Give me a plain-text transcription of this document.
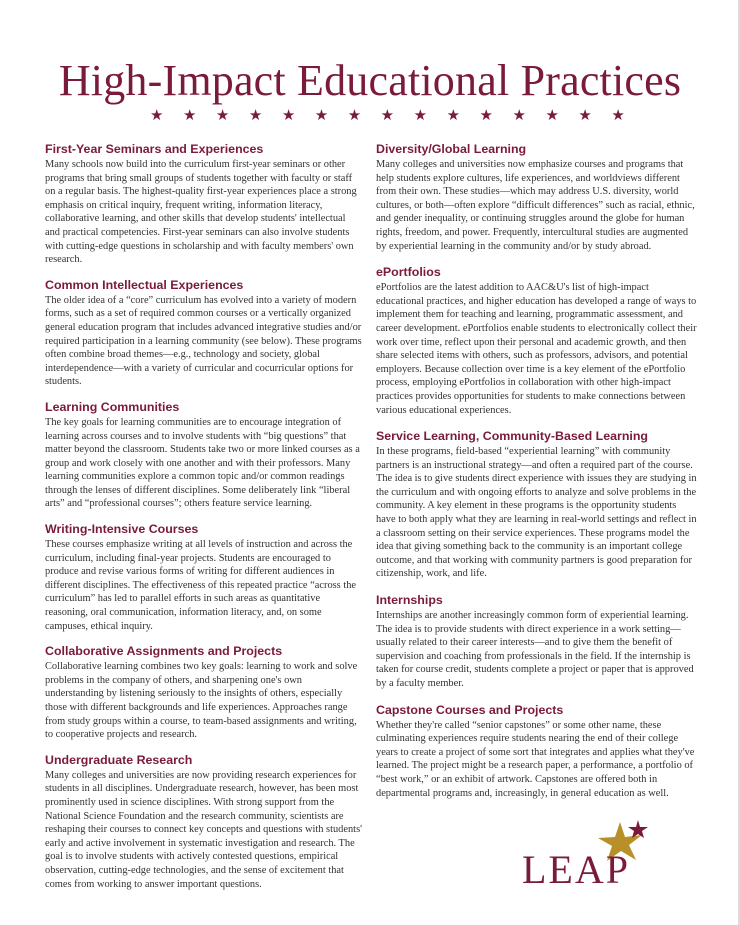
High-Impact Educational Practices
★ ★ ★ ★ ★ ★ ★ ★ ★ ★ ★ ★ ★ ★ ★
First-Year Seminars and Experiences

Many schools now build into the curriculum first-year seminars or other programs that bring small groups of students together with faculty or staff on a regular basis. The highest-quality first-year experiences place a strong emphasis on critical inquiry, frequent writing, information literacy, collaborative learning, and other skills that develop students' intellectual and practical competencies. First-year seminars can also involve students with cutting-edge questions in scholarship and with faculty members' own research.

Common Intellectual Experiences

The older idea of a “core” curriculum has evolved into a variety of modern forms, such as a set of required common courses or a vertically organized general education program that includes advanced integrative studies and/or required participation in a learning community (see below). These programs often combine broad themes—e.g., technology and society, global interdependence—with a variety of curricular and cocurricular options for students.

Learning Communities

The key goals for learning communities are to encourage integration of learning across courses and to involve students with “big questions” that matter beyond the classroom. Students take two or more linked courses as a group and work closely with one another and with their professors. Many learning communities explore a common topic and/or common readings through the lenses of different disciplines. Some deliberately link “liberal arts” and “professional courses”; others feature service learning.

Writing-Intensive Courses

These courses emphasize writing at all levels of instruction and across the curriculum, including final-year projects. Students are encouraged to produce and revise various forms of writing for different audiences in different disciplines. The effectiveness of this repeated practice “across the curriculum” has led to parallel efforts in such areas as quantitative reasoning, oral communication, information literacy, and, on some campuses, ethical inquiry.

Collaborative Assignments and Projects

Collaborative learning combines two key goals: learning to work and solve problems in the company of others, and sharpening one's own understanding by listening seriously to the insights of others, especially those with different backgrounds and life experiences. Approaches range from study groups within a course, to team-based assignments and writing, to cooperative projects and research.

Undergraduate Research

Many colleges and universities are now providing research experiences for students in all disciplines. Undergraduate research, however, has been most prominently used in science disciplines. With strong support from the National Science Foundation and the research community, scientists are reshaping their courses to connect key concepts and questions with students' early and active involvement in systematic investigation and research. The goal is to involve students with actively contested questions, empirical observation, cutting-edge technologies, and the sense of excitement that comes from working to answer important questions.

Diversity/Global Learning

Many colleges and universities now emphasize courses and programs that help students explore cultures, life experiences, and worldviews different from their own. These studies—which may address U.S. diversity, world cultures, or both—often explore “difficult differences” such as racial, ethnic, and gender inequality, or continuing struggles around the globe for human rights, freedom, and power. Frequently, intercultural studies are augmented by experiential learning in the community and/or by study abroad.

ePortfolios

ePortfolios are the latest addition to AAC&U's list of high-impact educational practices, and higher education has developed a range of ways to implement them for teaching and learning, programmatic assessment, and career development. ePortfolios enable students to electronically collect their work over time, reflect upon their personal and academic growth, and then share selected items with others, such as professors, advisors, and potential employers. Because collection over time is a key element of the ePortfolio process, employing ePortfolios in collaboration with other high-impact practices provides opportunities for students to make connections between various educational experiences.

Service Learning, Community-Based Learning

In these programs, field-based “experiential learning” with community partners is an instructional strategy—and often a required part of the course. The idea is to give students direct experience with issues they are studying in the curriculum and with ongoing efforts to analyze and solve problems in the community. A key element in these programs is the opportunity students have to both apply what they are learning in real-world settings and reflect in a classroom setting on their service experiences. These programs model the idea that giving something back to the community is an important college outcome, and that working with community partners is good preparation for citizenship, work, and life.

Internships

Internships are another increasingly common form of experiential learning. The idea is to provide students with direct experience in a work setting—usually related to their career interests—and to give them the benefit of supervision and coaching from professionals in the field. If the internship is taken for course credit, students complete a project or paper that is approved by a faculty member.

Capstone Courses and Projects

Whether they're called “senior capstones” or some other name, these culminating experiences require students nearing the end of their college years to create a project of some sort that integrates and applies what they've learned. The project might be a research paper, a performance, a portfolio of “best work,” or an exhibit of artwork. Capstones are offered both in departmental programs and, increasingly, in general education as well.

LEAP
